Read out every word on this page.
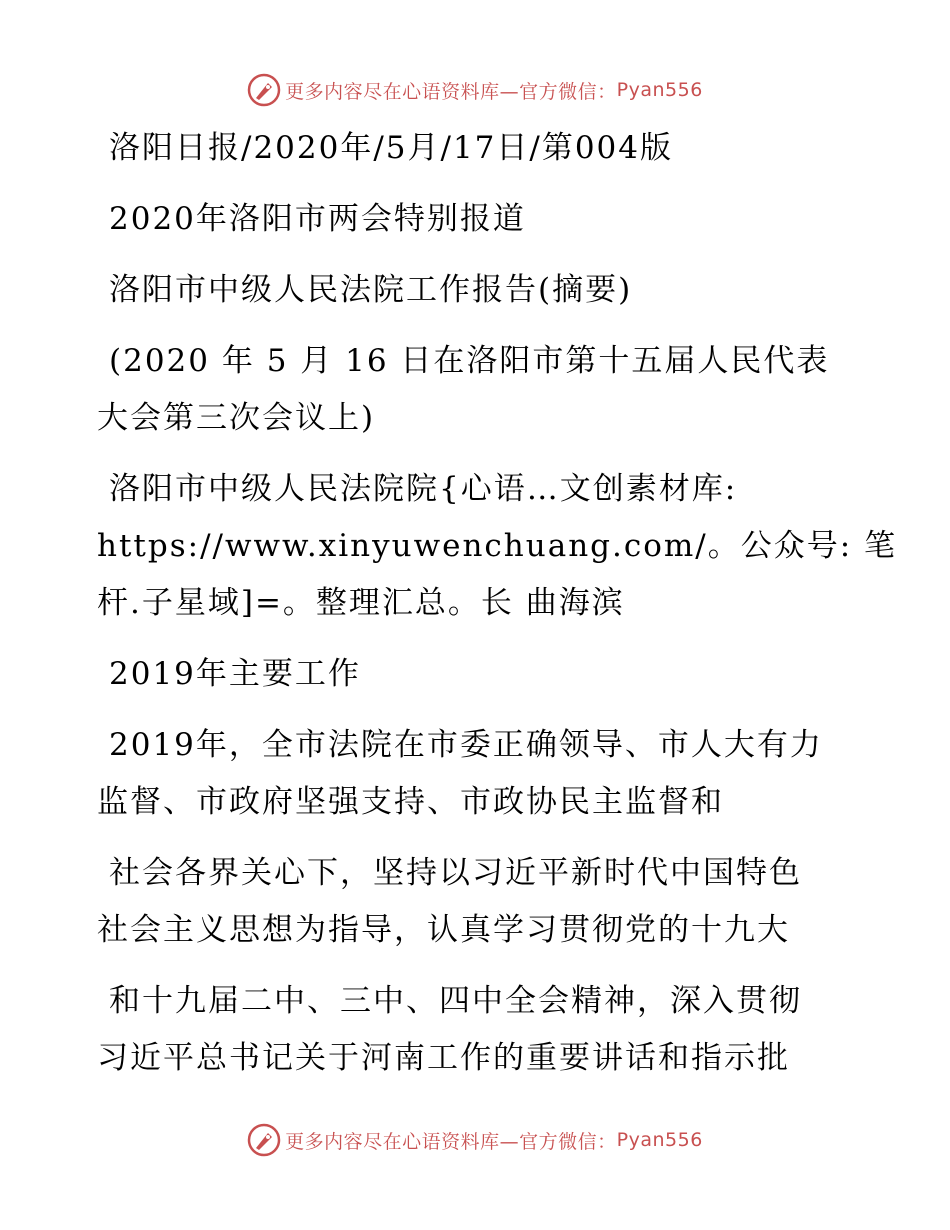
更多内容尽在心语资料库—官方微信： Pyan556
洛阳日报/2020年/5月/17日/第004版
2020年洛阳市两会特别报道
洛阳市中级人民法院工作报告(摘要)
(2020 年 5 月 16 日在洛阳市第十五届人民代表
大会第三次会议上)
洛阳市中级人民法院院{心语…文创素材库:
https://www.xinyuwenchuang.com/。公众号: 笔
杆.子星域]=。整理汇总。长 曲海滨
2019年主要工作
2019年，全市法院在市委正确领导、市人大有力
监督、市政府坚强支持、市政协民主监督和
社会各界关心下，坚持以习近平新时代中国特色
社会主义思想为指导，认真学习贯彻党的十九大
和十九届二中、三中、四中全会精神，深入贯彻
习近平总书记关于河南工作的重要讲话和指示批
更多内容尽在心语资料库—官方微信： Pyan556
